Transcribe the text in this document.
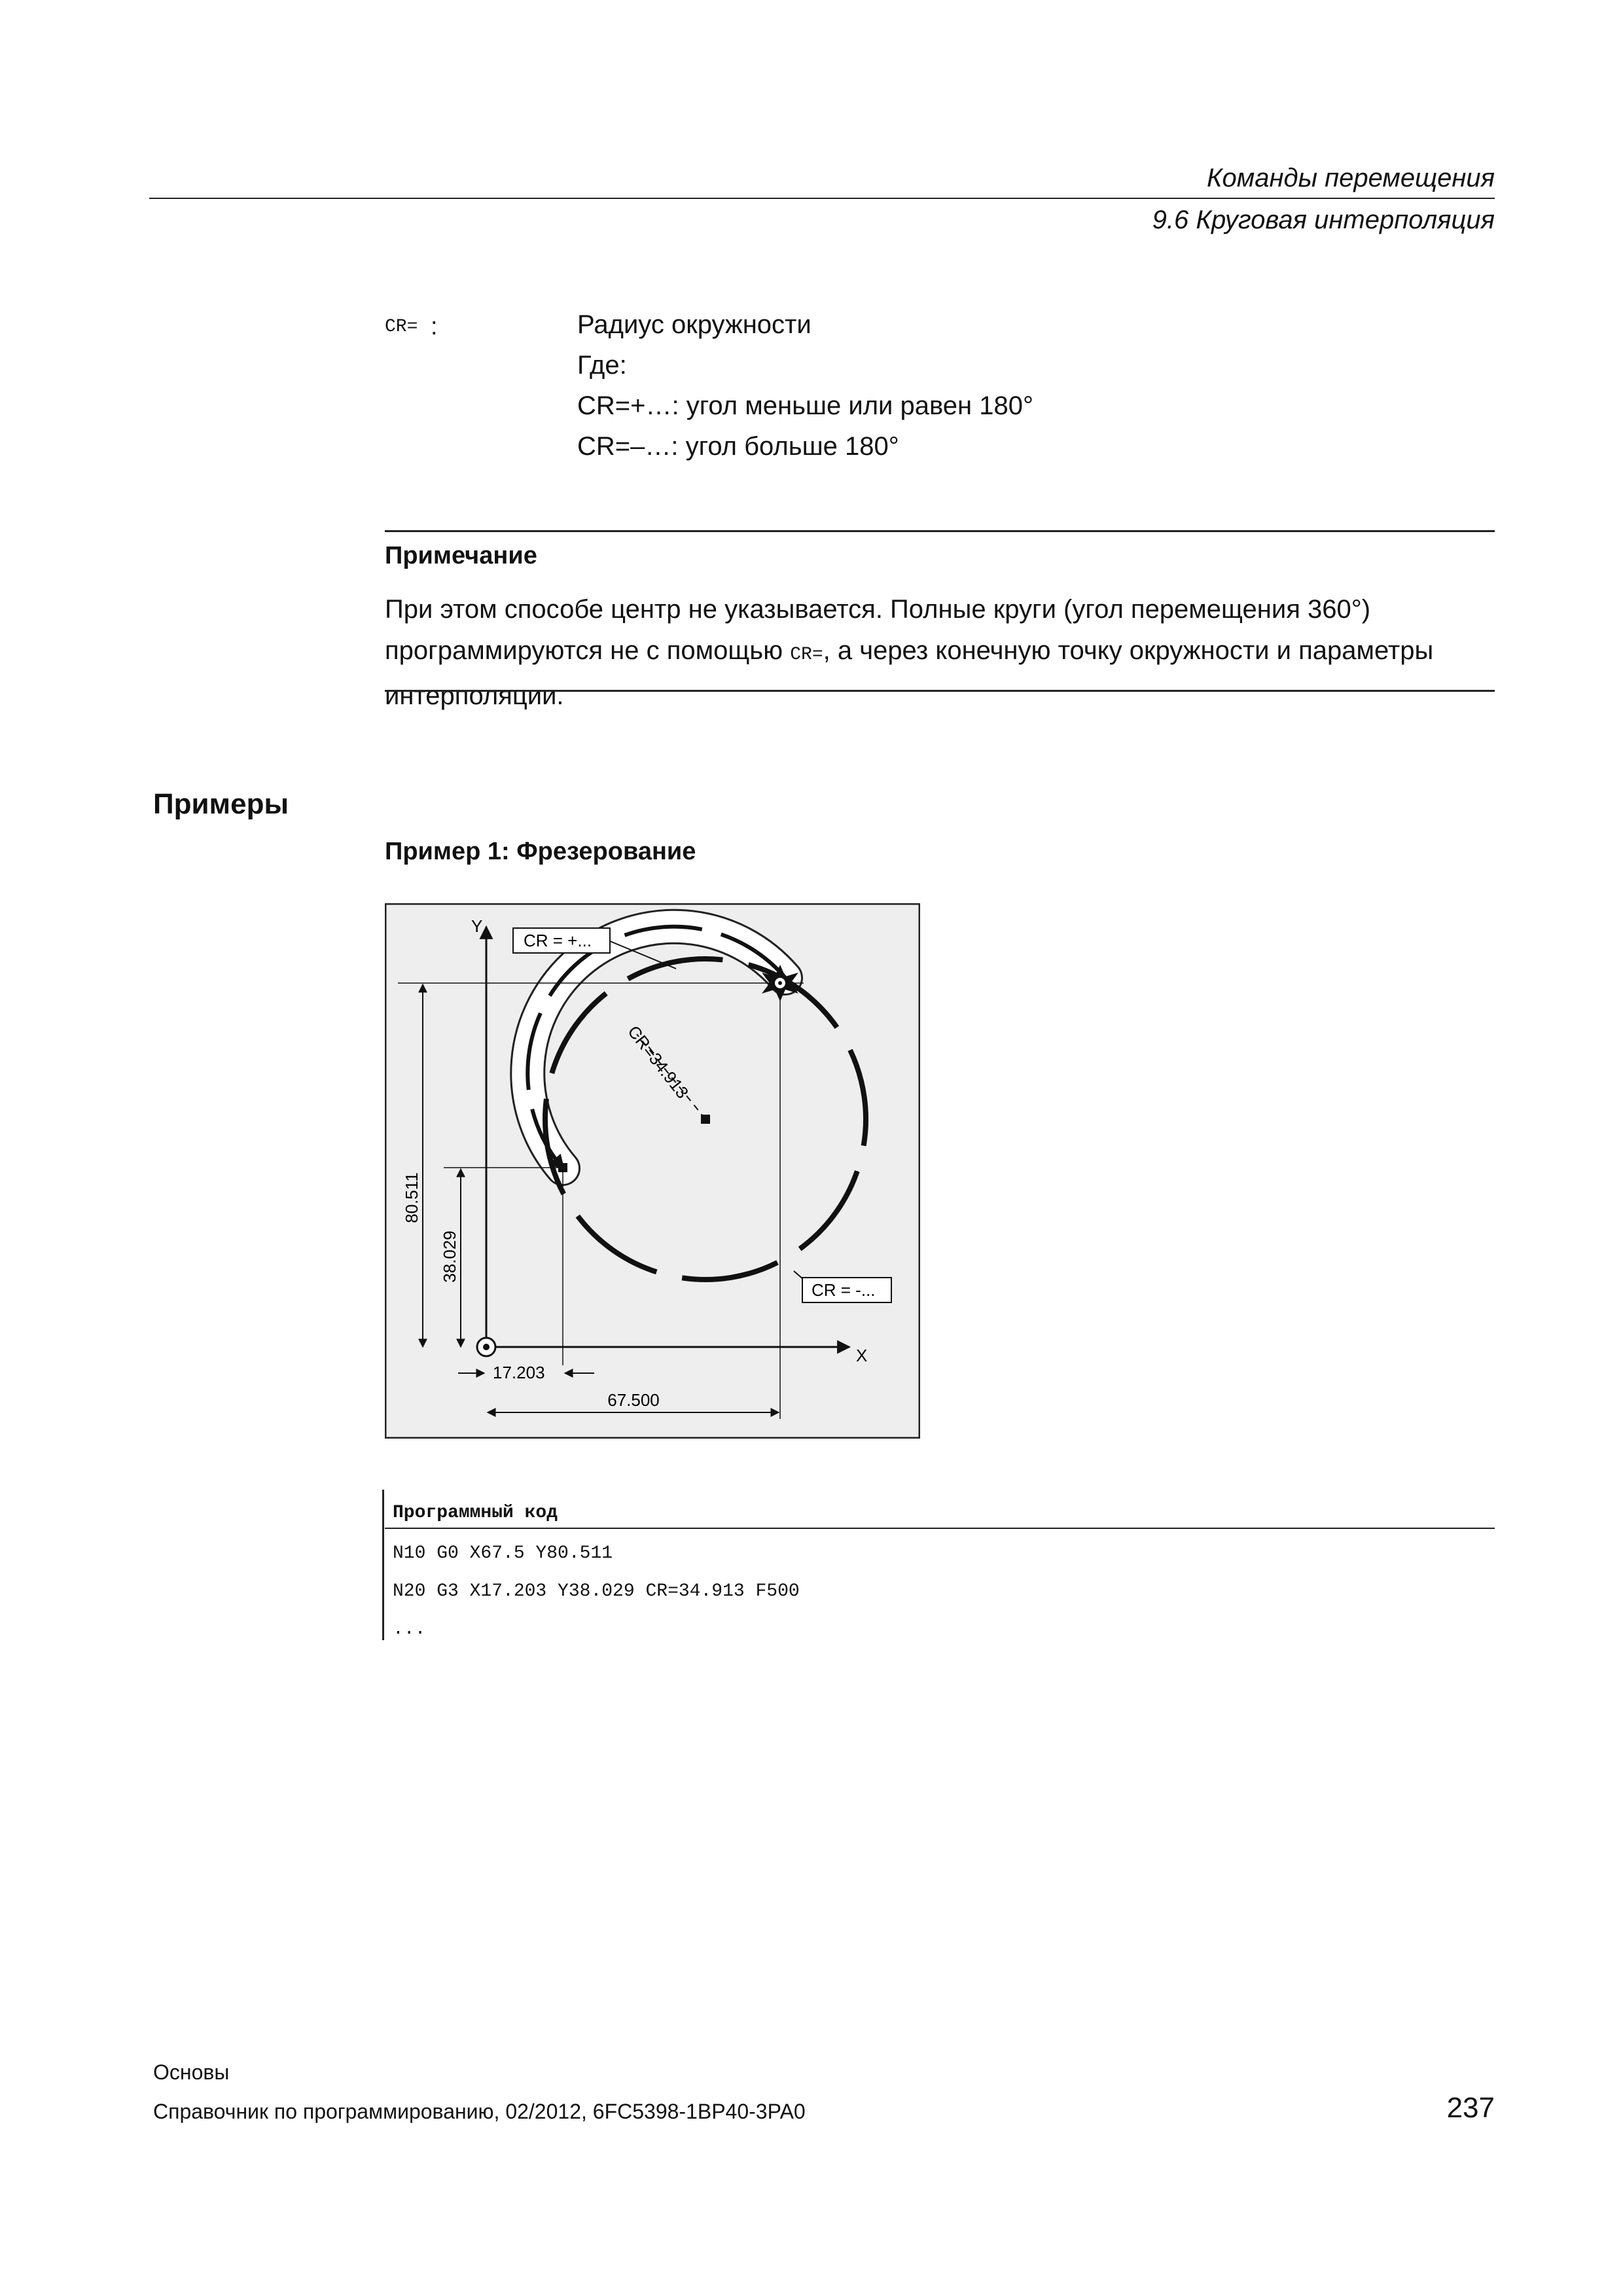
Команды перемещения
9.6 Круговая интерполяция
CR= :	Радиус окружности
Где:
CR=+…: угол меньше или равен 180°
CR=–…: угол больше 180°
Примечание
При этом способе центр не указывается. Полные круги (угол перемещения 360°) программируются не с помощью CR=, а через конечную точку окружности и параметры интерполяции.
Примеры
Пример 1: Фрезерование
Y
X
80.511
38.029
17.203
67.500
CR=34.913
CR = +...
CR = -...
Программный код
N10 G0 X67.5 Y80.511
N20 G3 X17.203 Y38.029 CR=34.913 F500
...
Основы
Справочник по программированию, 02/2012, 6FC5398-1BP40-3PA0	237
